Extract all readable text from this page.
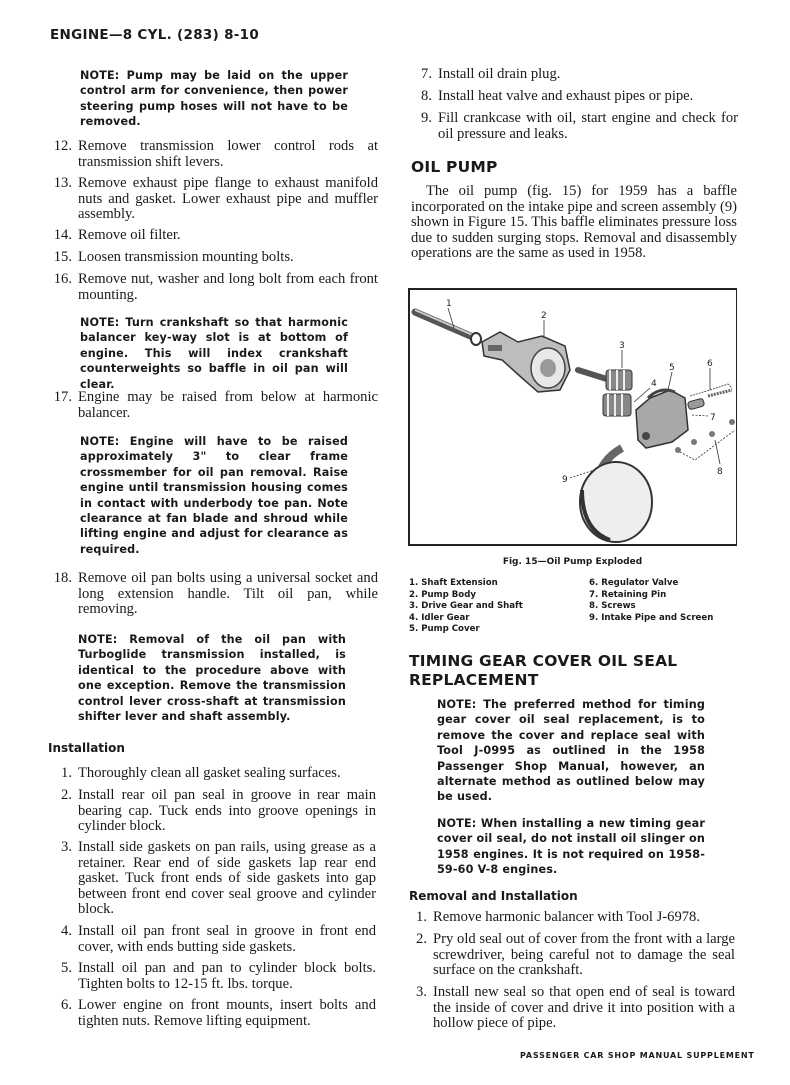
ENGINE—8 CYL. (283) 8-10
NOTE: Pump may be laid on the upper control arm for convenience, then power steering pump hoses will not have to be removed.
12. Remove transmission lower control rods at transmission shift levers.
13. Remove exhaust pipe flange to exhaust manifold nuts and gasket. Lower exhaust pipe and muffler assembly.
14. Remove oil filter.
15. Loosen transmission mounting bolts.
16. Remove nut, washer and long bolt from each front mounting.
NOTE: Turn crankshaft so that harmonic balancer key-way slot is at bottom of engine. This will index crankshaft counterweights so baffle in oil pan will clear.
17. Engine may be raised from below at harmonic balancer.
NOTE: Engine will have to be raised approximately 3" to clear frame crossmember for oil pan removal. Raise engine until transmission housing comes in contact with underbody toe pan. Note clearance at fan blade and shroud while lifting engine and adjust for clearance as required.
18. Remove oil pan bolts using a universal socket and long extension handle. Tilt oil pan, while removing.
NOTE: Removal of the oil pan with Turboglide transmission installed, is identical to the procedure above with one exception. Remove the transmission control lever cross-shaft at transmission shifter lever and shaft assembly.
Installation
1. Thoroughly clean all gasket sealing surfaces.
2. Install rear oil pan seal in groove in rear main bearing cap. Tuck ends into groove openings in cylinder block.
3. Install side gaskets on pan rails, using grease as a retainer. Rear end of side gaskets lap rear end gasket. Tuck front ends of side gaskets into gap between front end cover seal groove and cylinder block.
4. Install oil pan front seal in groove in front end cover, with ends butting side gaskets.
5. Install oil pan and pan to cylinder block bolts. Tighten bolts to 12-15 ft. lbs. torque.
6. Lower engine on front mounts, insert bolts and tighten nuts. Remove lifting equipment.
7. Install oil drain plug.
8. Install heat valve and exhaust pipes or pipe.
9. Fill crankcase with oil, start engine and check for oil pressure and leaks.
OIL PUMP
The oil pump (fig. 15) for 1959 has a baffle incorporated on the intake pipe and screen assembly (9) shown in Figure 15. This baffle eliminates pressure loss due to sudden surging stops. Removal and disassembly operations are the same as used in 1958.
1
2
3
4
5	6
7
8
9
Fig. 15—Oil Pump Exploded
1. Shaft Extension
2. Pump Body
3. Drive Gear and Shaft
4. Idler Gear
5. Pump Cover
6. Regulator Valve
7. Retaining Pin
8. Screws
9. Intake Pipe and Screen
TIMING GEAR COVER OIL SEAL
REPLACEMENT
NOTE: The preferred method for timing gear cover oil seal replacement, is to remove the cover and replace seal with Tool J-0995 as outlined in the 1958 Passenger Shop Manual, however, an alternate method as outlined below may be used.
NOTE: When installing a new timing gear cover oil seal, do not install oil slinger on 1958 engines. It is not required on 1958-59-60 V-8 engines.
Removal and Installation
1. Remove harmonic balancer with Tool J-6978.
2. Pry old seal out of cover from the front with a large screwdriver, being careful not to damage the seal surface on the crankshaft.
3. Install new seal so that open end of seal is toward the inside of cover and drive it into position with a hollow piece of pipe.
PASSENGER CAR SHOP MANUAL SUPPLEMENT
